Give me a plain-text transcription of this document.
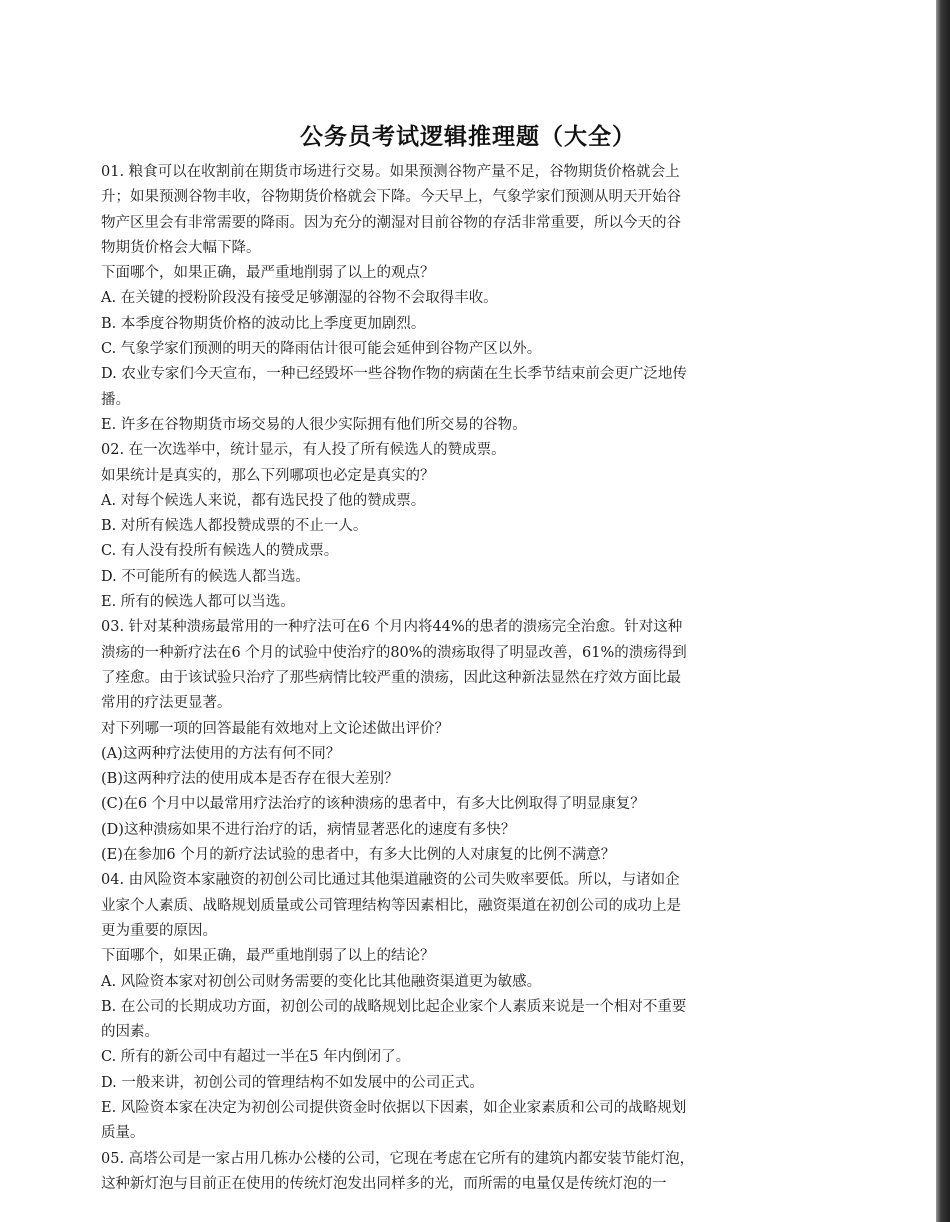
公务员考试逻辑推理题（大全）
01. 粮食可以在收割前在期货市场进行交易。如果预测谷物产量不足，谷物期货价格就会上
升；如果预测谷物丰收，谷物期货价格就会下降。今天早上，气象学家们预测从明天开始谷
物产区里会有非常需要的降雨。因为充分的潮湿对目前谷物的存活非常重要，所以今天的谷
物期货价格会大幅下降。
下面哪个，如果正确，最严重地削弱了以上的观点？
A. 在关键的授粉阶段没有接受足够潮湿的谷物不会取得丰收。
B. 本季度谷物期货价格的波动比上季度更加剧烈。
C. 气象学家们预测的明天的降雨估计很可能会延伸到谷物产区以外。
D. 农业专家们今天宣布，一种已经毁坏一些谷物作物的病菌在生长季节结束前会更广泛地传
播。
E. 许多在谷物期货市场交易的人很少实际拥有他们所交易的谷物。
02. 在一次选举中，统计显示，有人投了所有候选人的赞成票。
如果统计是真实的，那么下列哪项也必定是真实的？
A. 对每个候选人来说，都有选民投了他的赞成票。
B. 对所有候选人都投赞成票的不止一人。
C. 有人没有投所有候选人的赞成票。
D. 不可能所有的候选人都当选。
E. 所有的候选人都可以当选。
03. 针对某种溃疡最常用的一种疗法可在6 个月内将44%的患者的溃疡完全治愈。针对这种
溃疡的一种新疗法在6 个月的试验中使治疗的80%的溃疡取得了明显改善，61%的溃疡得到
了痊愈。由于该试验只治疗了那些病情比较严重的溃疡，因此这种新法显然在疗效方面比最
常用的疗法更显著。
对下列哪一项的回答最能有效地对上文论述做出评价？
(A)这两种疗法使用的方法有何不同？
(B)这两种疗法的使用成本是否存在很大差别？
(C)在6 个月中以最常用疗法治疗的该种溃疡的患者中，有多大比例取得了明显康复？
(D)这种溃疡如果不进行治疗的话，病情显著恶化的速度有多快？
(E)在参加6 个月的新疗法试验的患者中，有多大比例的人对康复的比例不满意？
04. 由风险资本家融资的初创公司比通过其他渠道融资的公司失败率要低。所以，与诸如企
业家个人素质、战略规划质量或公司管理结构等因素相比，融资渠道在初创公司的成功上是
更为重要的原因。
下面哪个，如果正确，最严重地削弱了以上的结论？
A. 风险资本家对初创公司财务需要的变化比其他融资渠道更为敏感。
B. 在公司的长期成功方面，初创公司的战略规划比起企业家个人素质来说是一个相对不重要
的因素。
C. 所有的新公司中有超过一半在5 年内倒闭了。
D. 一般来讲，初创公司的管理结构不如发展中的公司正式。
E. 风险资本家在决定为初创公司提供资金时依据以下因素，如企业家素质和公司的战略规划
质量。
05. 高塔公司是一家占用几栋办公楼的公司，它现在考虑在它所有的建筑内都安装节能灯泡，
这种新灯泡与目前正在使用的传统灯泡发出同样多的光，而所需的电量仅是传统灯泡的一
